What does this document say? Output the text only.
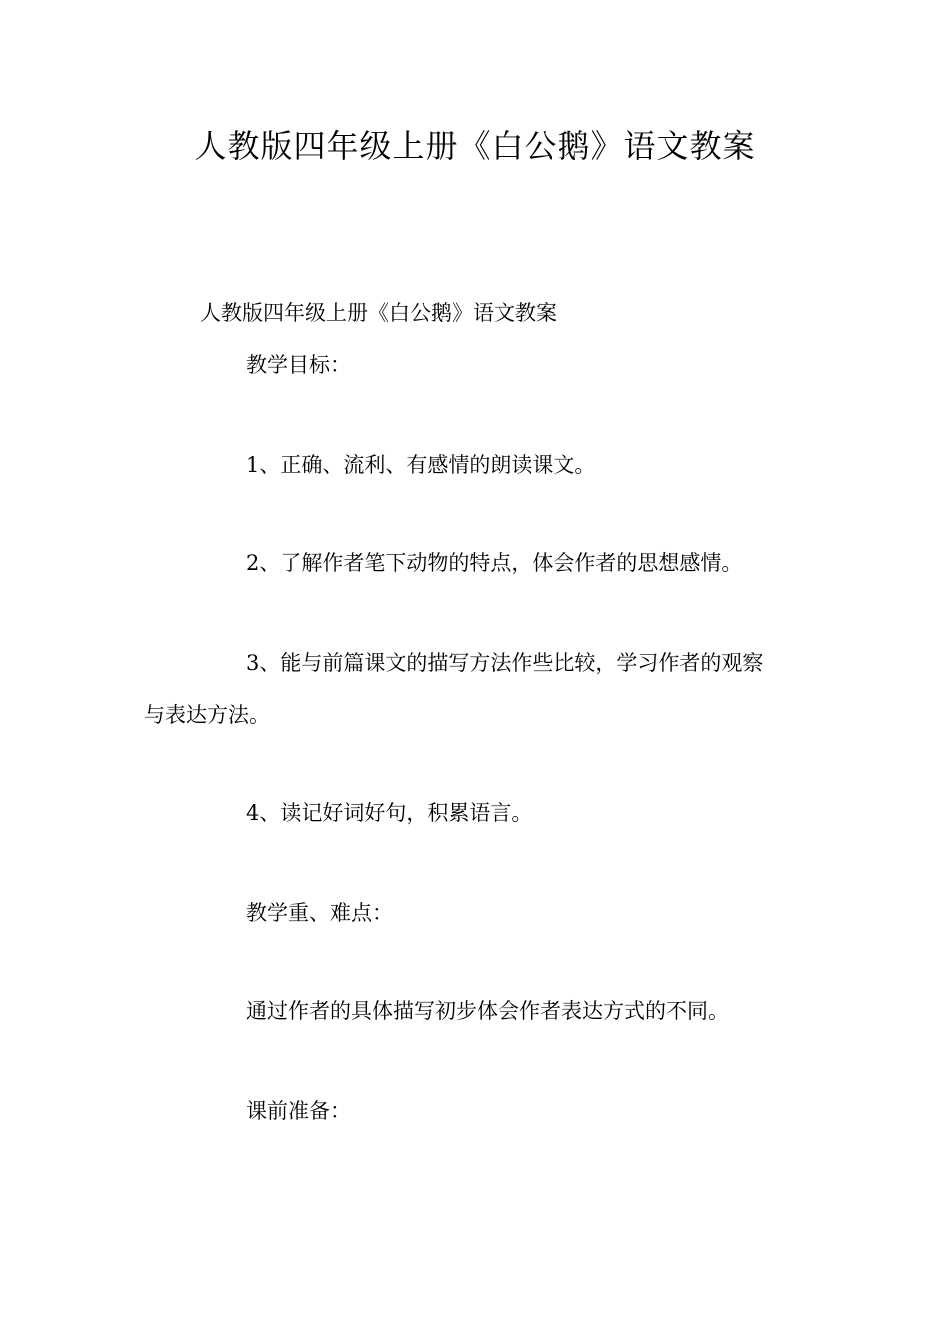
人教版四年级上册《白公鹅》语文教案

人教版四年级上册《白公鹅》语文教案

教学目标：

1、正确、流利、有感情的朗读课文。

2、了解作者笔下动物的特点，体会作者的思想感情。

3、能与前篇课文的描写方法作些比较，学习作者的观察

与表达方法。

4、读记好词好句，积累语言。

教学重、难点：

通过作者的具体描写初步体会作者表达方式的不同。

课前准备：
